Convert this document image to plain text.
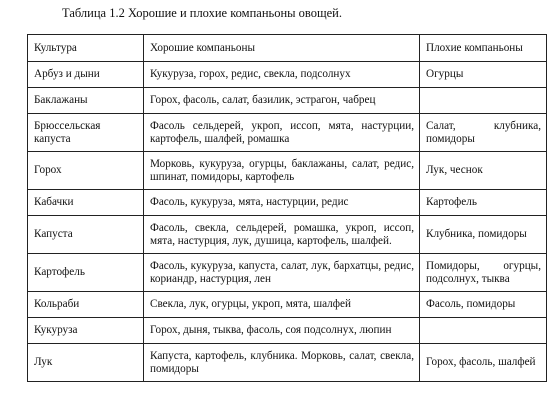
Таблица 1.2 Хорошие и плохие компаньоны овощей.
Культура	Хорошие компаньоны	Плохие компаньоны
Арбуз и дыни	Кукуруза, горох, редис, свекла, подсолнух	Огурцы
Баклажаны	Горох, фасоль, салат, базилик, эстрагон, чабрец	
Брюссельская капуста	Фасоль сельдерей, укроп, иссоп, мята, настурции, картофель, шалфей, ромашка	Салат, клубника, помидоры
Горох	Морковь, кукуруза, огурцы, баклажаны, салат, редис, шпинат, помидоры, картофель	Лук, чеснок
Кабачки	Фасоль, кукуруза, мята, настурции, редис	Картофель
Капуста	Фасоль, свекла, сельдерей, ромашка, укроп, иссоп, мята, настурция, лук, душица, картофель, шалфей.	Клубника, помидоры
Картофель	Фасоль, кукуруза, капуста, салат, лук, бархатцы, редис, кориандр, настурция, лен	Помидоры, огурцы, подсолнух, тыква
Кольраби	Свекла, лук, огурцы, укроп, мята, шалфей	Фасоль, помидоры
Кукуруза	Горох, дыня, тыква, фасоль, соя подсолнух, люпин	
Лук	Капуста, картофель, клубника. Морковь, салат, свекла, помидоры	Горох, фасоль, шалфей
